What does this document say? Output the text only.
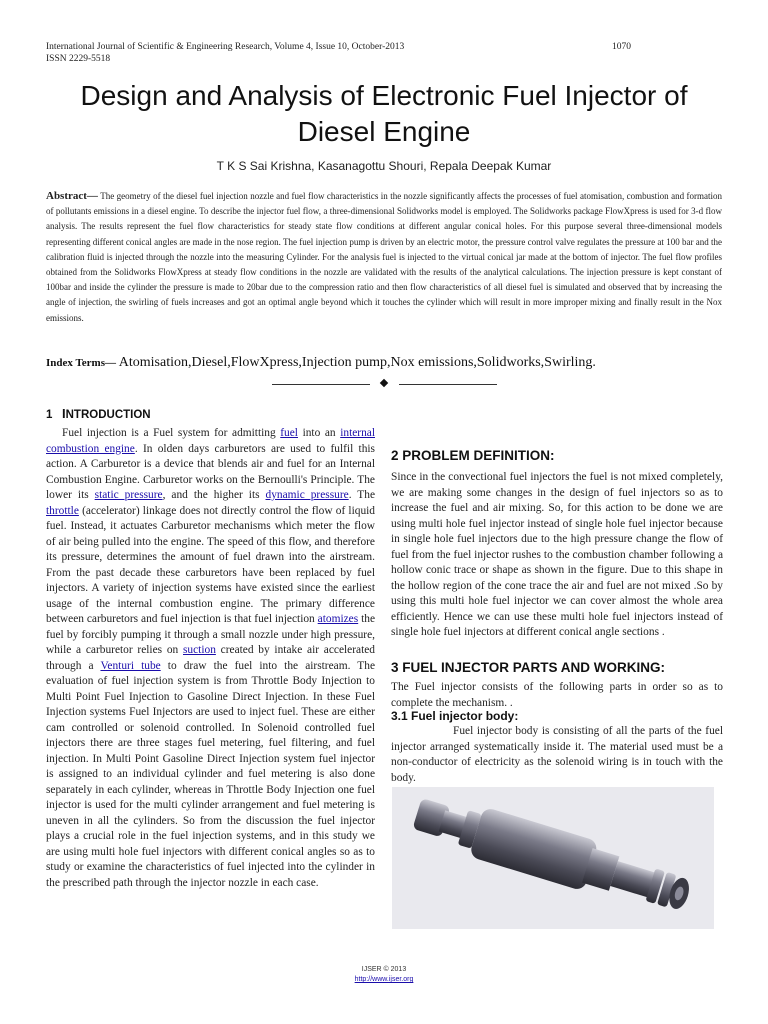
International Journal of Scientific & Engineering Research, Volume 4, Issue 10, October-2013
ISSN 2229-5518
1070
Design and Analysis of Electronic Fuel Injector of
Diesel Engine
T K S Sai Krishna, Kasanagottu Shouri, Repala Deepak Kumar
Abstract— The geometry of the diesel fuel injection nozzle and fuel flow characteristics in the nozzle significantly affects the processes of fuel atomisation, combustion and formation of pollutants emissions in a diesel engine. To describe the injector fuel flow, a three-dimensional Solidworks model is employed. The Solidworks package FlowXpress is used for 3-d flow analysis. The results represent the fuel flow characteristics for steady state flow conditions at different angular conical holes. For this purpose several three-dimensional models representing different conical angles are made in the nose region. The fuel injection pump is driven by an electric motor, the pressure control valve regulates the pressure at 100 bar and the calibration fluid is injected through the nozzle into the measuring Cylinder. For the analysis fuel is injected to the virtual conical jar made at the bottom of injector. The fuel flow profiles obtained from the Solidworks FlowXpress at steady flow conditions in the nozzle are validated with the results of the analytical calculations. The injection pressure is kept constant of 100bar and inside the cylinder the pressure is made to 20bar due to the compression ratio and then flow characteristics of all diesel fuel is simulated and observed that by increasing the angle of injection, the swirling of fuels increases and got an optimal angle beyond which it touches the cylinder which will result in more improper mixing and finally result in the Nox emissions.
Index Terms— Atomisation,Diesel,FlowXpress,Injection pump,Nox emissions,Solidworks,Swirling.
1 INTRODUCTION

Fuel injection is a Fuel system for admitting fuel into an internal combustion engine. In olden days carburetors are used to fulfil this action. A Carburetor is a device that blends air and fuel for an Internal Combustion Engine. Carburetor works on the Bernoulli's Principle. The lower its static pressure, and the higher its dynamic pressure. The throttle (accelerator) linkage does not directly control the flow of liquid fuel. Instead, it actuates Carburetor mechanisms which meter the flow of air being pulled into the engine. The speed of this flow, and therefore its pressure, determines the amount of fuel drawn into the airstream. From the past decade these carburetors have been replaced by fuel injectors. A variety of injection systems have existed since the earliest usage of the internal combustion engine. The primary difference between carburetors and fuel injection is that fuel injection atomizes the fuel by forcibly pumping it through a small nozzle under high pressure, while a carburetor relies on suction created by intake air accelerated through a Venturi tube to draw the fuel into the airstream. The evaluation of fuel injection system is from Throttle Body Injection to Multi Point Fuel Injection to Gasoline Direct Injection. In these Fuel Injection systems Fuel Injectors are used to inject fuel. These are either cam controlled or solenoid controlled. In Solenoid controlled fuel injectors there are three stages fuel metering, fuel filtering, and fuel injection. In Multi Point Gasoline Direct Injection system fuel injector is assigned to an individual cylinder and fuel metering is also done separately in each cylinder, whereas in Throttle Body Injection one fuel injector is used for the multi cylinder arrangement and fuel metering is uneven in all the cylinders. So from the discussion the fuel injector plays a crucial role in the fuel injection systems, and in this study we are using multi hole fuel injectors with different conical angles so as to study or examine the characteristics of fuel injected into the cylinder in the prescribed path through the injector nozzle in each case.

2 PROBLEM DEFINITION:
Since in the convectional fuel injectors the fuel is not mixed completely, we are making some changes in the design of fuel injectors so as to increase the fuel and air mixing. So, for this action to be done we are using multi hole fuel injector instead of single hole fuel injector because in single hole fuel injectors due to the high pressure change the flow of fuel from the fuel injector rushes to the combustion chamber following a hollow conic trace or shape as shown in the figure. Due to this shape in the hollow region of the cone trace the air and fuel are not mixed .So by using this multi hole fuel injector we can cover almost the whole area efficiently. Hence we can use these multi hole fuel injectors instead of single hole fuel injectors at different conical angle sections .
3 FUEL INJECTOR PARTS AND WORKING:
The Fuel injector consists of the following parts in order so as to complete the mechanism. .
3.1 Fuel injector body:

Fuel injector body is consisting of all the parts of the fuel injector arranged systematically inside it. The material used must be a non-conductor of electricity as the solenoid wiring is in touch with the body.

IJSER © 2013
http://www.ijser.org
